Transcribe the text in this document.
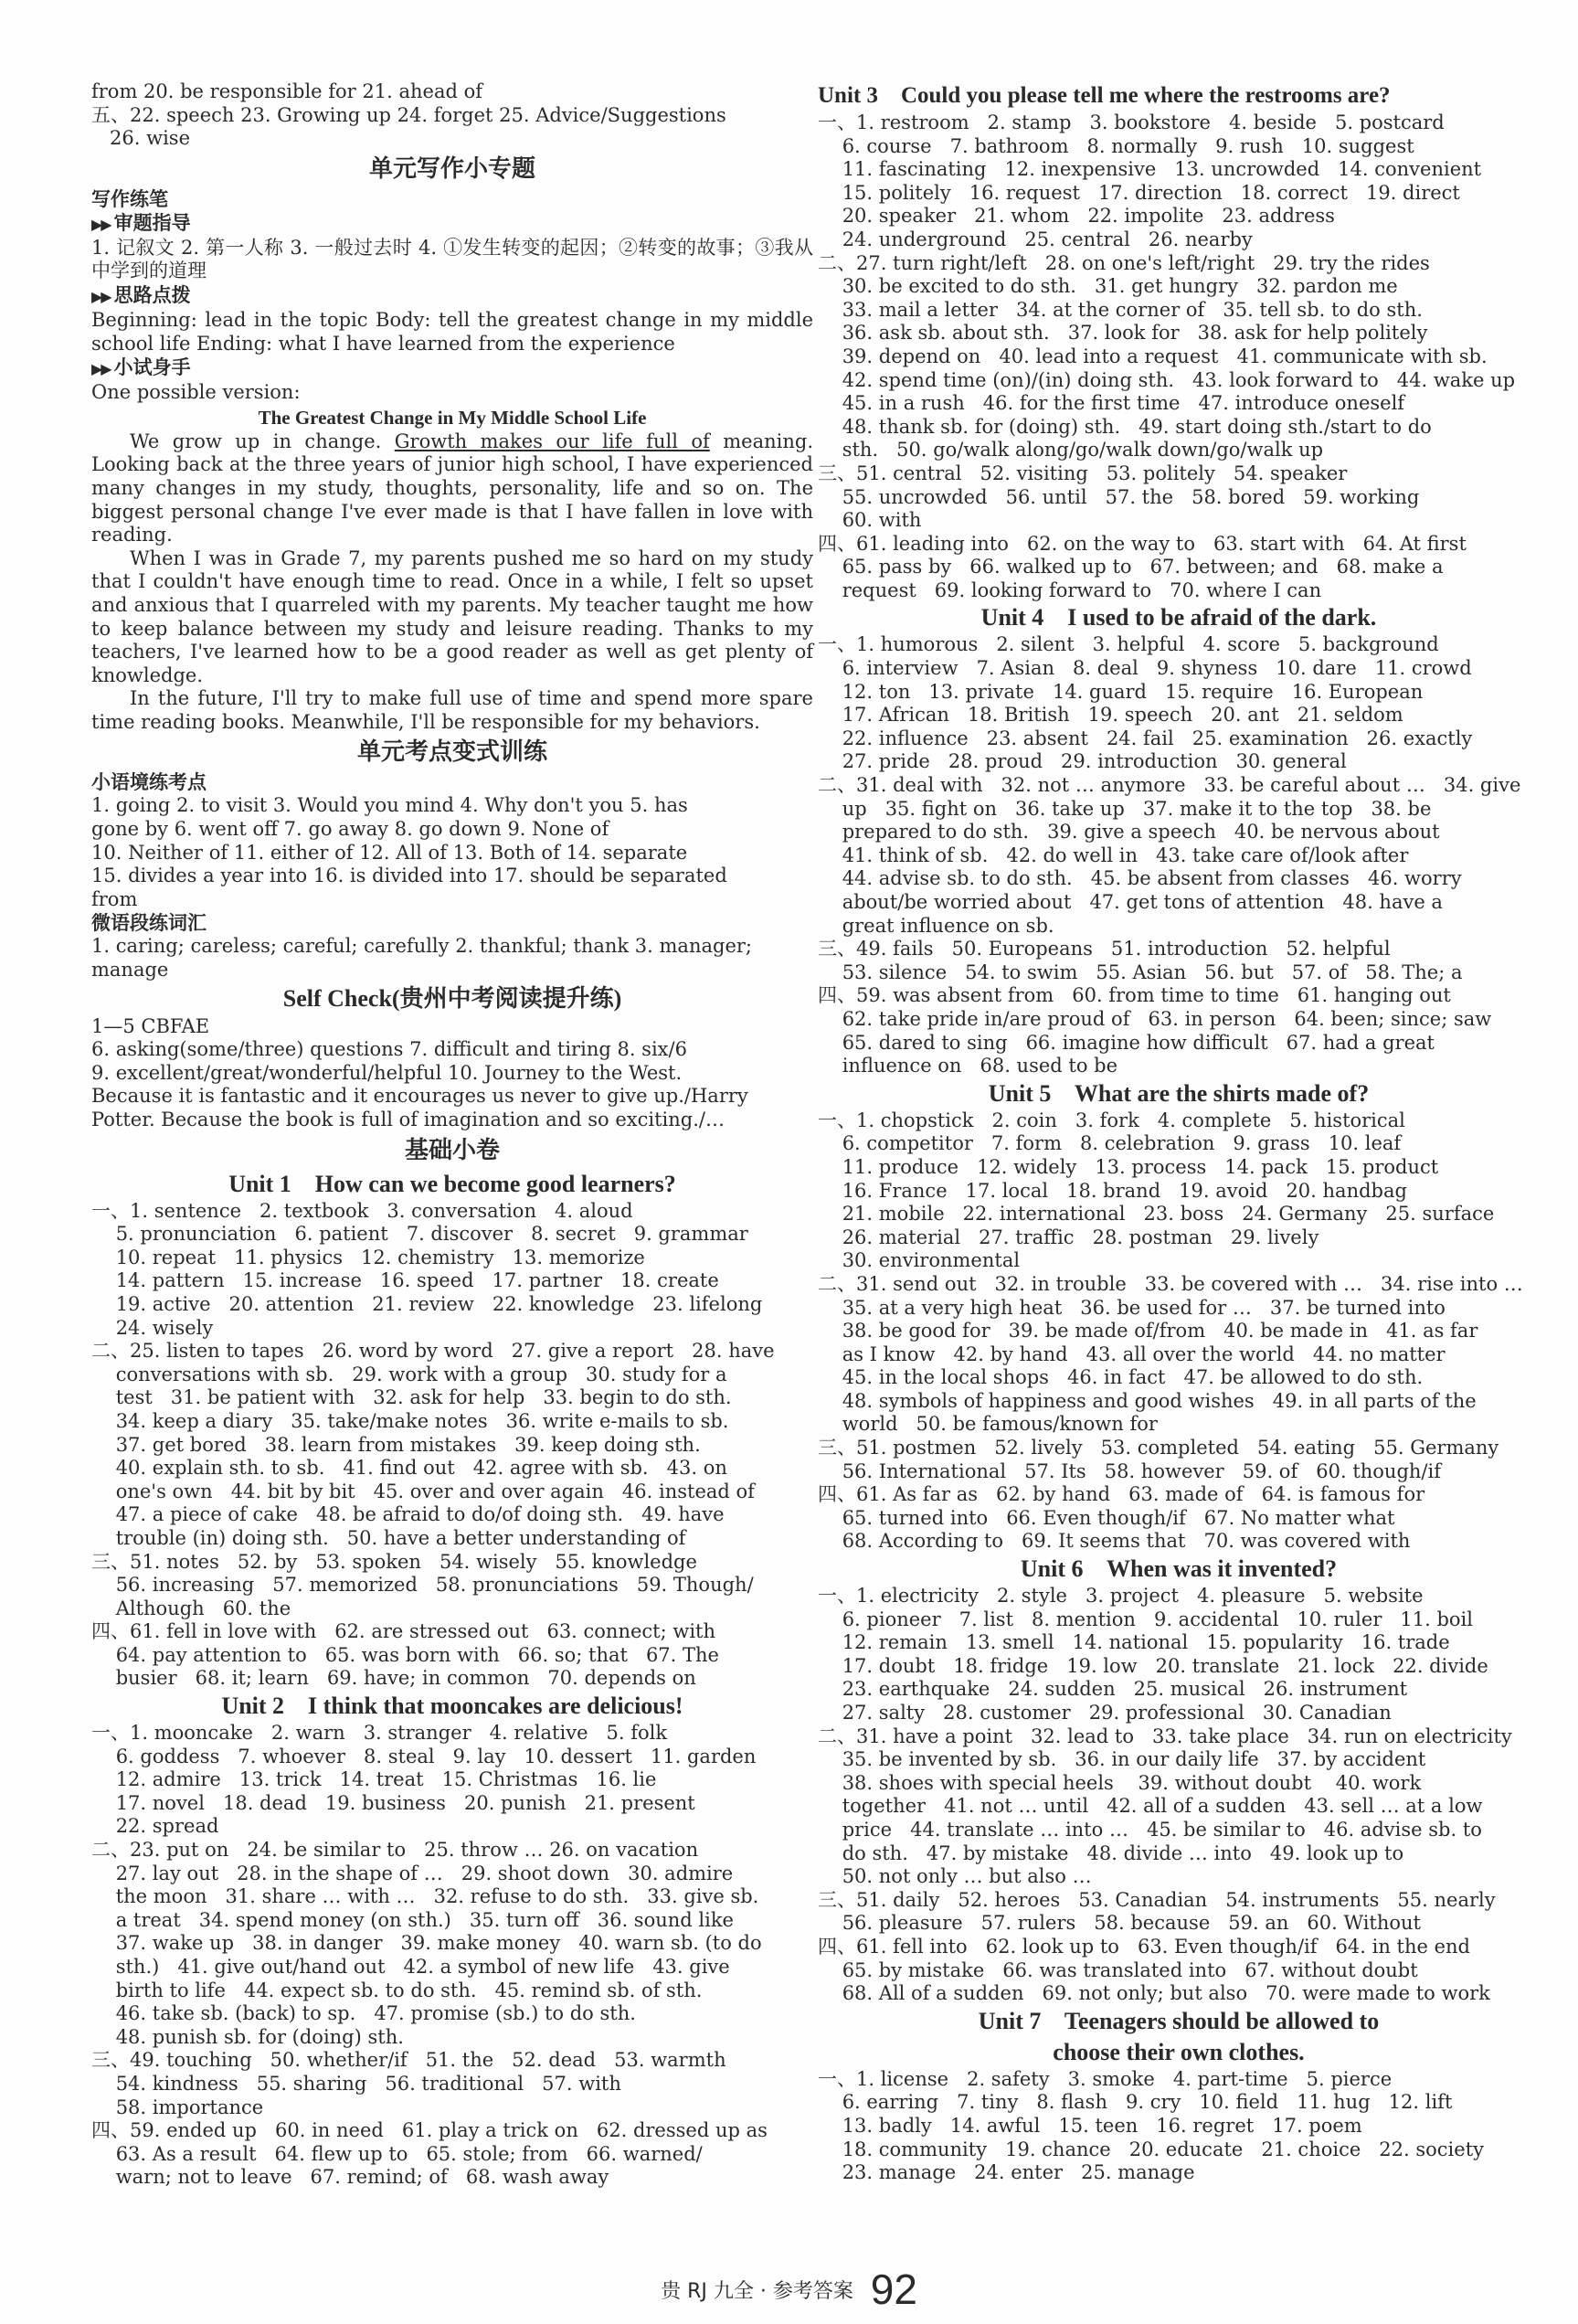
from 20. be responsible for 21. ahead of
五、22. speech 23. Growing up 24. forget 25. Advice/Suggestions
26. wise
单元写作小专题
写作练笔
▶▶ 审题指导
1. 记叙文 2. 第一人称 3. 一般过去时 4. ①发生转变的起因；②转变的故事；③我从中学到的道理
▶▶ 思路点拨
Beginning: lead in the topic Body: tell the greatest change in my middle school life Ending: what I have learned from the experience
▶▶ 小试身手
One possible version:
The Greatest Change in My Middle School Life
We grow up in change. Growth makes our life full of meaning. Looking back at the three years of junior high school, I have experienced many changes in my study, thoughts, personality, life and so on. The biggest personal change I've ever made is that I have fallen in love with reading.
When I was in Grade 7, my parents pushed me so hard on my study that I couldn't have enough time to read. Once in a while, I felt so upset and anxious that I quarreled with my parents. My teacher taught me how to keep balance between my study and leisure reading. Thanks to my teachers, I've learned how to be a good reader as well as get plenty of knowledge.
In the future, I'll try to make full use of time and spend more spare time reading books. Meanwhile, I'll be responsible for my behaviors.
单元考点变式训练
小语境练考点
1. going 2. to visit 3. Would you mind 4. Why don't you 5. has
gone by 6. went off 7. go away 8. go down 9. None of
10. Neither of 11. either of 12. All of 13. Both of 14. separate
15. divides a year into 16. is divided into 17. should be separated
from
微语段练词汇
1. caring; careless; careful; carefully 2. thankful; thank 3. manager;
manage
Self Check(贵州中考阅读提升练)
1—5 CBFAE
6. asking(some/three) questions 7. difficult and tiring 8. six/6
9. excellent/great/wonderful/helpful 10. Journey to the West.
Because it is fantastic and it encourages us never to give up./Harry
Potter. Because the book is full of imagination and so exciting./…
基础小卷
Unit 1    How can we become good learners?
一、1. sentence   2. textbook   3. conversation   4. aloud
5. pronunciation   6. patient   7. discover   8. secret   9. grammar
10. repeat   11. physics   12. chemistry   13. memorize
14. pattern   15. increase   16. speed   17. partner   18. create
19. active   20. attention   21. review   22. knowledge   23. lifelong
24. wisely
二、25. listen to tapes   26. word by word   27. give a report   28. have
conversations with sb.   29. work with a group   30. study for a
test   31. be patient with   32. ask for help   33. begin to do sth.
34. keep a diary   35. take/make notes   36. write e-mails to sb.
37. get bored   38. learn from mistakes   39. keep doing sth.
40. explain sth. to sb.   41. find out   42. agree with sb.   43. on
one's own   44. bit by bit   45. over and over again   46. instead of
47. a piece of cake   48. be afraid to do/of doing sth.   49. have
trouble (in) doing sth.   50. have a better understanding of
三、51. notes   52. by   53. spoken   54. wisely   55. knowledge
56. increasing   57. memorized   58. pronunciations   59. Though/
Although   60. the
四、61. fell in love with   62. are stressed out   63. connect; with
64. pay attention to   65. was born with   66. so; that   67. The
busier   68. it; learn   69. have; in common   70. depends on
Unit 2    I think that mooncakes are delicious!
一、1. mooncake   2. warn   3. stranger   4. relative   5. folk
6. goddess   7. whoever   8. steal   9. lay   10. dessert   11. garden
12. admire   13. trick   14. treat   15. Christmas   16. lie
17. novel   18. dead   19. business   20. punish   21. present
22. spread
二、23. put on   24. be similar to   25. throw … 26. on vacation
27. lay out   28. in the shape of …   29. shoot down   30. admire
the moon   31. share … with …   32. refuse to do sth.   33. give sb.
a treat   34. spend money (on sth.)   35. turn off   36. sound like
37. wake up   38. in danger   39. make money   40. warn sb. (to do
sth.)   41. give out/hand out   42. a symbol of new life   43. give
birth to life   44. expect sb. to do sth.   45. remind sb. of sth.
46. take sb. (back) to sp.   47. promise (sb.) to do sth.
48. punish sb. for (doing) sth.
三、49. touching   50. whether/if   51. the   52. dead   53. warmth
54. kindness   55. sharing   56. traditional   57. with
58. importance
四、59. ended up   60. in need   61. play a trick on   62. dressed up as
63. As a result   64. flew up to   65. stole; from   66. warned/
warn; not to leave   67. remind; of   68. wash away
Unit 3    Could you please tell me where the restrooms are?
一、1. restroom   2. stamp   3. bookstore   4. beside   5. postcard
6. course   7. bathroom   8. normally   9. rush   10. suggest
11. fascinating   12. inexpensive   13. uncrowded   14. convenient
15. politely   16. request   17. direction   18. correct   19. direct
20. speaker   21. whom   22. impolite   23. address
24. underground   25. central   26. nearby
二、27. turn right/left   28. on one's left/right   29. try the rides
30. be excited to do sth.   31. get hungry   32. pardon me
33. mail a letter   34. at the corner of   35. tell sb. to do sth.
36. ask sb. about sth.   37. look for   38. ask for help politely
39. depend on   40. lead into a request   41. communicate with sb.
42. spend time (on)/(in) doing sth.   43. look forward to   44. wake up
45. in a rush   46. for the first time   47. introduce oneself
48. thank sb. for (doing) sth.   49. start doing sth./start to do
sth.   50. go/walk along/go/walk down/go/walk up
三、51. central   52. visiting   53. politely   54. speaker
55. uncrowded   56. until   57. the   58. bored   59. working
60. with
四、61. leading into   62. on the way to   63. start with   64. At first
65. pass by   66. walked up to   67. between; and   68. make a
request   69. looking forward to   70. where I can
Unit 4    I used to be afraid of the dark.
一、1. humorous   2. silent   3. helpful   4. score   5. background
6. interview   7. Asian   8. deal   9. shyness   10. dare   11. crowd
12. ton   13. private   14. guard   15. require   16. European
17. African   18. British   19. speech   20. ant   21. seldom
22. influence   23. absent   24. fail   25. examination   26. exactly
27. pride   28. proud   29. introduction   30. general
二、31. deal with   32. not … anymore   33. be careful about …   34. give
up   35. fight on   36. take up   37. make it to the top   38. be
prepared to do sth.   39. give a speech   40. be nervous about
41. think of sb.   42. do well in   43. take care of/look after
44. advise sb. to do sth.   45. be absent from classes   46. worry
about/be worried about   47. get tons of attention   48. have a
great influence on sb.
三、49. fails   50. Europeans   51. introduction   52. helpful
53. silence   54. to swim   55. Asian   56. but   57. of   58. The; a
四、59. was absent from   60. from time to time   61. hanging out
62. take pride in/are proud of   63. in person   64. been; since; saw
65. dared to sing   66. imagine how difficult   67. had a great
influence on   68. used to be
Unit 5    What are the shirts made of?
一、1. chopstick   2. coin   3. fork   4. complete   5. historical
6. competitor   7. form   8. celebration   9. grass   10. leaf
11. produce   12. widely   13. process   14. pack   15. product
16. France   17. local   18. brand   19. avoid   20. handbag
21. mobile   22. international   23. boss   24. Germany   25. surface
26. material   27. traffic   28. postman   29. lively
30. environmental
二、31. send out   32. in trouble   33. be covered with …   34. rise into …
35. at a very high heat   36. be used for …   37. be turned into
38. be good for   39. be made of/from   40. be made in   41. as far
as I know   42. by hand   43. all over the world   44. no matter
45. in the local shops   46. in fact   47. be allowed to do sth.
48. symbols of happiness and good wishes   49. in all parts of the
world   50. be famous/known for
三、51. postmen   52. lively   53. completed   54. eating   55. Germany
56. International   57. Its   58. however   59. of   60. though/if
四、61. As far as   62. by hand   63. made of   64. is famous for
65. turned into   66. Even though/if   67. No matter what
68. According to   69. It seems that   70. was covered with
Unit 6    When was it invented?
一、1. electricity   2. style   3. project   4. pleasure   5. website
6. pioneer   7. list   8. mention   9. accidental   10. ruler   11. boil
12. remain   13. smell   14. national   15. popularity   16. trade
17. doubt   18. fridge   19. low   20. translate   21. lock   22. divide
23. earthquake   24. sudden   25. musical   26. instrument
27. salty   28. customer   29. professional   30. Canadian
二、31. have a point   32. lead to   33. take place   34. run on electricity
35. be invented by sb.   36. in our daily life   37. by accident
38. shoes with special heels    39. without doubt    40. work
together   41. not … until   42. all of a sudden   43. sell … at a low
price   44. translate … into …   45. be similar to   46. advise sb. to
do sth.   47. by mistake   48. divide … into   49. look up to
50. not only … but also …
三、51. daily   52. heroes   53. Canadian   54. instruments   55. nearly
56. pleasure   57. rulers   58. because   59. an   60. Without
四、61. fell into   62. look up to   63. Even though/if   64. in the end
65. by mistake   66. was translated into   67. without doubt
68. All of a sudden   69. not only; but also   70. were made to work
Unit 7    Teenagers should be allowed to
choose their own clothes.
一、1. license   2. safety   3. smoke   4. part-time   5. pierce
6. earring   7. tiny   8. flash   9. cry   10. field   11. hug   12. lift
13. badly   14. awful   15. teen   16. regret   17. poem
18. community   19. chance   20. educate   21. choice   22. society
23. manage   24. enter   25. manage
贵 RJ 九全 · 参考答案 92
